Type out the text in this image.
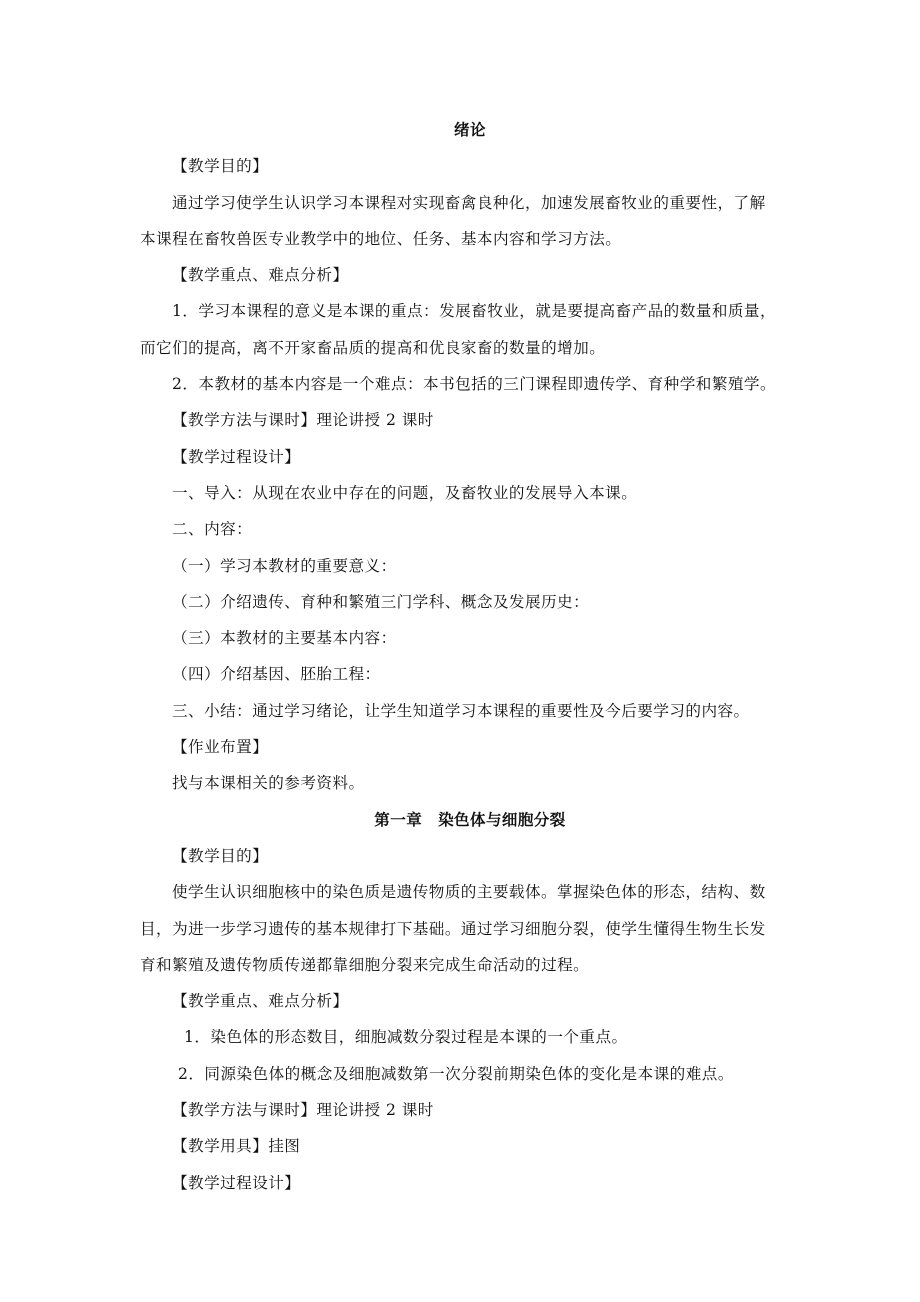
绪论
【教学目的】
通过学习使学生认识学习本课程对实现畜禽良种化，加速发展畜牧业的重要性，了解
本课程在畜牧兽医专业教学中的地位、任务、基本内容和学习方法。
【教学重点、难点分析】
1．学习本课程的意义是本课的重点：发展畜牧业，就是要提高畜产品的数量和质量，
而它们的提高，离不开家畜品质的提高和优良家畜的数量的增加。
2．本教材的基本内容是一个难点：本书包括的三门课程即遗传学、育种学和繁殖学。
【教学方法与课时】理论讲授 2 课时
【教学过程设计】
一、导入：从现在农业中存在的问题，及畜牧业的发展导入本课。
二、内容：
（一）学习本教材的重要意义：
（二）介绍遗传、育种和繁殖三门学科、概念及发展历史：
（三）本教材的主要基本内容：
（四）介绍基因、胚胎工程：
三、小结：通过学习绪论，让学生知道学习本课程的重要性及今后要学习的内容。
【作业布置】
找与本课相关的参考资料。
第一章　染色体与细胞分裂
【教学目的】
使学生认识细胞核中的染色质是遗传物质的主要载体。掌握染色体的形态，结构、数
目，为进一步学习遗传的基本规律打下基础。通过学习细胞分裂，使学生懂得生物生长发
育和繁殖及遗传物质传递都靠细胞分裂来完成生命活动的过程。
【教学重点、难点分析】
1．染色体的形态数目，细胞减数分裂过程是本课的一个重点。
2．同源染色体的概念及细胞减数第一次分裂前期染色体的变化是本课的难点。
【教学方法与课时】理论讲授 2 课时
【教学用具】挂图
【教学过程设计】
